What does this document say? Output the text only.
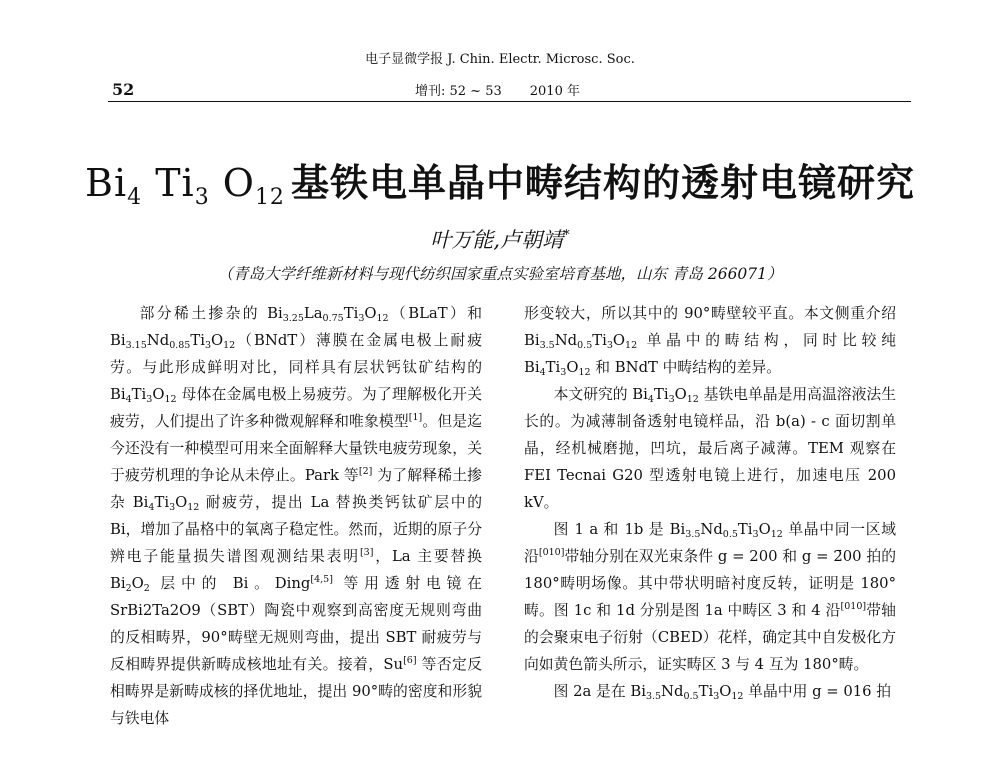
电子显微学报 J. Chin. Electr. Microsc. Soc.
52	增刊: 52 ~ 53 2010 年
$Bi_4$ $Ti_3$ $O_{12}$ 基铁电单晶中畴结构的透射电镜研究
叶万能,卢朝靖*
（青岛大学纤维新材料与现代纺织国家重点实验室培育基地，山东 青岛 266071）

部分稀土掺杂的 $Bi_{3.25}La_{0.75}Ti_3O_{12}(BLaT)$和 $Bi_{3.15}Nd_{0.85}Ti_3O_{12}(BNdT)$薄膜在金属电极上耐疲劳。与此形成鲜明对比，同样具有层状钙钛矿结构的 $Bi_4Ti_3O_{12}$ 母体在金属电极上易疲劳。为了理解极化开关疲劳，人们提出了许多种微观解释和唯象模型[1]。但是迄今还没有一种模型可用来全面解释大量铁电疲劳现象，关于疲劳机理的争论从未停止。Park 等[2] 为了解释稀土掺杂 $Bi_4Ti_3O_{12}$ 耐疲劳，提出 La 替换类钙钛矿层中的 Bi，增加了晶格中的氧离子稳定性。然而，近期的原子分辨电子能量损失谱图观测结果表明[3]，La 主要替换 $Bi_2O_2$ 层中的 Bi。Ding[4,5] 等用透射电镜在 SrBi2Ta2O9（SBT）陶瓷中观察到高密度无规则弯曲的反相畴界，90°畴壁无规则弯曲，提出 SBT 耐疲劳与反相畴界提供新畴成核地址有关。接着，Su[6] 等否定反相畴界是新畴成核的择优地址，提出 90°畴的密度和形貌与铁电体

形变较大，所以其中的 90°畴壁较平直。本文侧重介绍 $Bi_{3.5}Nd_{0.5}Ti_3O_{12}$ 单晶中的畴结构，同时比较纯 $Bi_4Ti_3O_{12}$ 和 BNdT 中畴结构的差异。

本文研究的 $Bi_4Ti_3O_{12}$ 基铁电单晶是用高温溶液法生长的。为减薄制备透射电镜样品，沿 b(a) - c 面切割单晶，经机械磨抛，凹坑，最后离子减薄。TEM 观察在 FEI Tecnai G20 型透射电镜上进行，加速电压 200 kV。

图 1 a 和 1b 是 $Bi_{3.5}Nd_{0.5}Ti_3O_{12}$ 单晶中同一区域沿[010]带轴分别在双光束条件 g = 200 和 g = 2̄00 拍的 180°畴明场像。其中带状明暗衬度反转，证明是 180°畴。图 1c 和 1d 分别是图 1a 中畴区 3 和 4 沿[010]带轴的会聚束电子衍射（CBED）花样，确定其中自发极化方向如黄色箭头所示，证实畴区 3 与 4 互为 180°畴。

图 2a 是在 $Bi_{3.5}Nd_{0.5}Ti_3O_{12}$ 单晶中用 g = 016 拍
